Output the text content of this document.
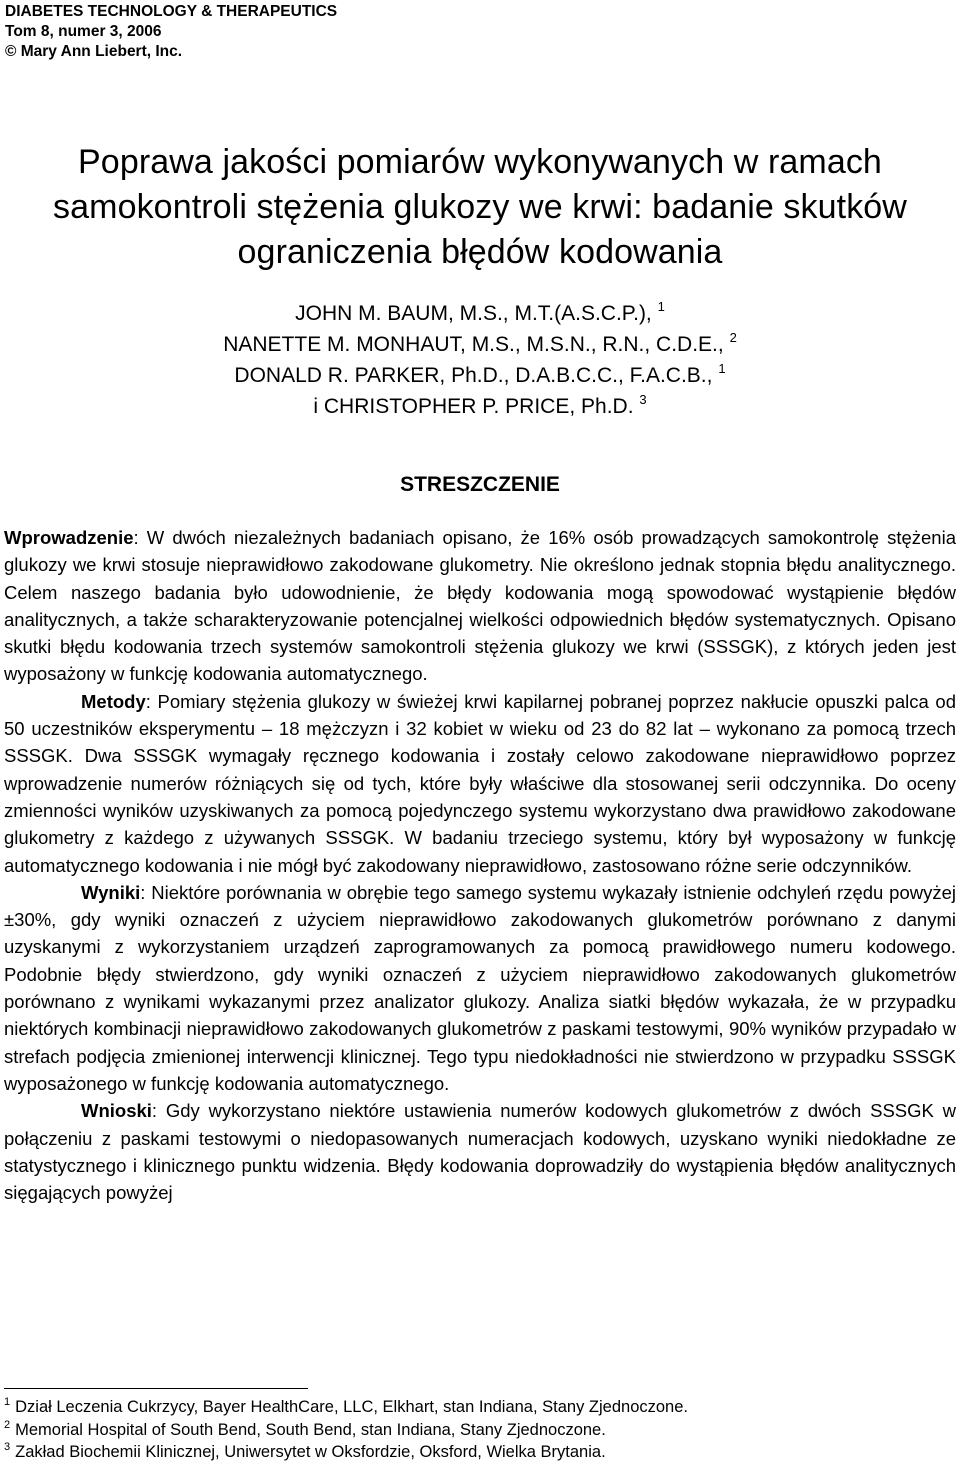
DIABETES TECHNOLOGY & THERAPEUTICS
Tom 8, numer 3, 2006
© Mary Ann Liebert, Inc.
Poprawa jakości pomiarów wykonywanych w ramach
samokontroli stężenia glukozy we krwi: badanie skutków
ograniczenia błędów kodowania
JOHN M. BAUM, M.S., M.T.(A.S.C.P.), $^1$
NANETTE M. MONHAUT, M.S., M.S.N., R.N., C.D.E., $^2$
DONALD R. PARKER, Ph.D., D.A.B.C.C., F.A.C.B., $^1$
i CHRISTOPHER P. PRICE, Ph.D. $^3$
STRESZCZENIE

Wprowadzenie: W dwóch niezależnych badaniach opisano, że 16% osób prowadzących samokontrolę stężenia glukozy we krwi stosuje nieprawidłowo zakodowane glukometry. Nie określono jednak stopnia błędu analitycznego. Celem naszego badania było udowodnienie, że błędy kodowania mogą spowodować wystąpienie błędów analitycznych, a także scharakteryzowanie potencjalnej wielkości odpowiednich błędów systematycznych. Opisano skutki błędu kodowania trzech systemów samokontroli stężenia glukozy we krwi (SSSGK), z których jeden jest wyposażony w funkcję kodowania automatycznego.

Metody: Pomiary stężenia glukozy w świeżej krwi kapilarnej pobranej poprzez nakłucie opuszki palca od 50 uczestników eksperymentu – 18 mężczyzn i 32 kobiet w wieku od 23 do 82 lat – wykonano za pomocą trzech SSSGK. Dwa SSSGK wymagały ręcznego kodowania i zostały celowo zakodowane nieprawidłowo poprzez wprowadzenie numerów różniących się od tych, które były właściwe dla stosowanej serii odczynnika. Do oceny zmienności wyników uzyskiwanych za pomocą pojedynczego systemu wykorzystano dwa prawidłowo zakodowane glukometry z każdego z używanych SSSGK. W badaniu trzeciego systemu, który był wyposażony w funkcję automatycznego kodowania i nie mógł być zakodowany nieprawidłowo, zastosowano różne serie odczynników.

Wyniki: Niektóre porównania w obrębie tego samego systemu wykazały istnienie odchyleń rzędu powyżej ±30%, gdy wyniki oznaczeń z użyciem nieprawidłowo zakodowanych glukometrów porównano z danymi uzyskanymi z wykorzystaniem urządzeń zaprogramowanych za pomocą prawidłowego numeru kodowego. Podobnie błędy stwierdzono, gdy wyniki oznaczeń z użyciem nieprawidłowo zakodowanych glukometrów porównano z wynikami wykazanymi przez analizator glukozy. Analiza siatki błędów wykazała, że w przypadku niektórych kombinacji nieprawidłowo zakodowanych glukometrów z paskami testowymi, 90% wyników przypadało w strefach podjęcia zmienionej interwencji klinicznej. Tego typu niedokładności nie stwierdzono w przypadku SSSGK wyposażonego w funkcję kodowania automatycznego.

Wnioski: Gdy wykorzystano niektóre ustawienia numerów kodowych glukometrów z dwóch SSSGK w połączeniu z paskami testowymi o niedopasowanych numeracjach kodowych, uzyskano wyniki niedokładne ze statystycznego i klinicznego punktu widzenia. Błędy kodowania doprowadziły do wystąpienia błędów analitycznych sięgających powyżej

$^1$ Dział Leczenia Cukrzycy, Bayer HealthCare, LLC, Elkhart, stan Indiana, Stany Zjednoczone.
$^2$ Memorial Hospital of South Bend, South Bend, stan Indiana, Stany Zjednoczone.
$^3$ Zakład Biochemii Klinicznej, Uniwersytet w Oksfordzie, Oksford, Wielka Brytania.
